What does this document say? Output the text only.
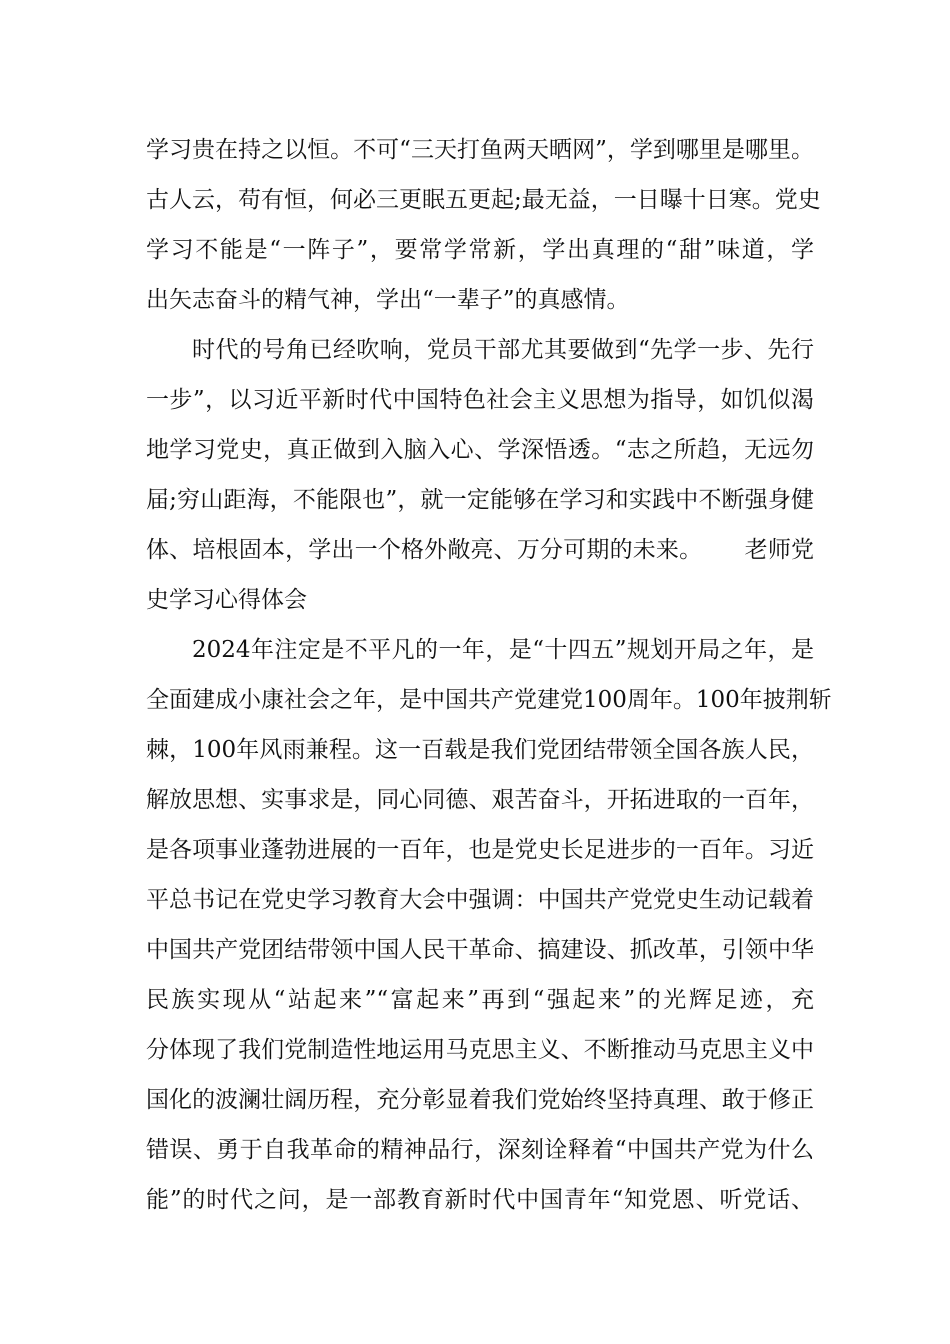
学习贵在持之以恒。不可“三天打鱼两天晒网”，学到哪里是哪里。
古人云，苟有恒，何必三更眠五更起;最无益，一日曝十日寒。党史
学习不能是“一阵子”，要常学常新，学出真理的“甜”味道，学
出矢志奋斗的精气神，学出“一辈子”的真感情。
时代的号角已经吹响，党员干部尤其要做到“先学一步、先行
一步”，以习近平新时代中国特色社会主义思想为指导，如饥似渴
地学习党史，真正做到入脑入心、学深悟透。“志之所趋，无远勿
届;穷山距海，不能限也”，就一定能够在学习和实践中不断强身健
体、培根固本，学出一个格外敞亮、万分可期的未来。　　 老师党
史学习心得体会
2024年注定是不平凡的一年，是“十四五”规划开局之年，是
全面建成小康社会之年，是中国共产党建党100周年。100年披荆斩
棘，100年风雨兼程。这一百载是我们党团结带领全国各族人民，
解放思想、实事求是，同心同德、艰苦奋斗，开拓进取的一百年，
是各项事业蓬勃进展的一百年，也是党史长足进步的一百年。习近
平总书记在党史学习教育大会中强调：中国共产党党史生动记载着
中国共产党团结带领中国人民干革命、搞建设、抓改革，引领中华
民族实现从“站起来”“富起来”再到“强起来”的光辉足迹，充
分体现了我们党制造性地运用马克思主义、不断推动马克思主义中
国化的波澜壮阔历程，充分彰显着我们党始终坚持真理、敢于修正
错误、勇于自我革命的精神品行，深刻诠释着“中国共产党为什么
能”的时代之问，是一部教育新时代中国青年“知党恩、听党话、
